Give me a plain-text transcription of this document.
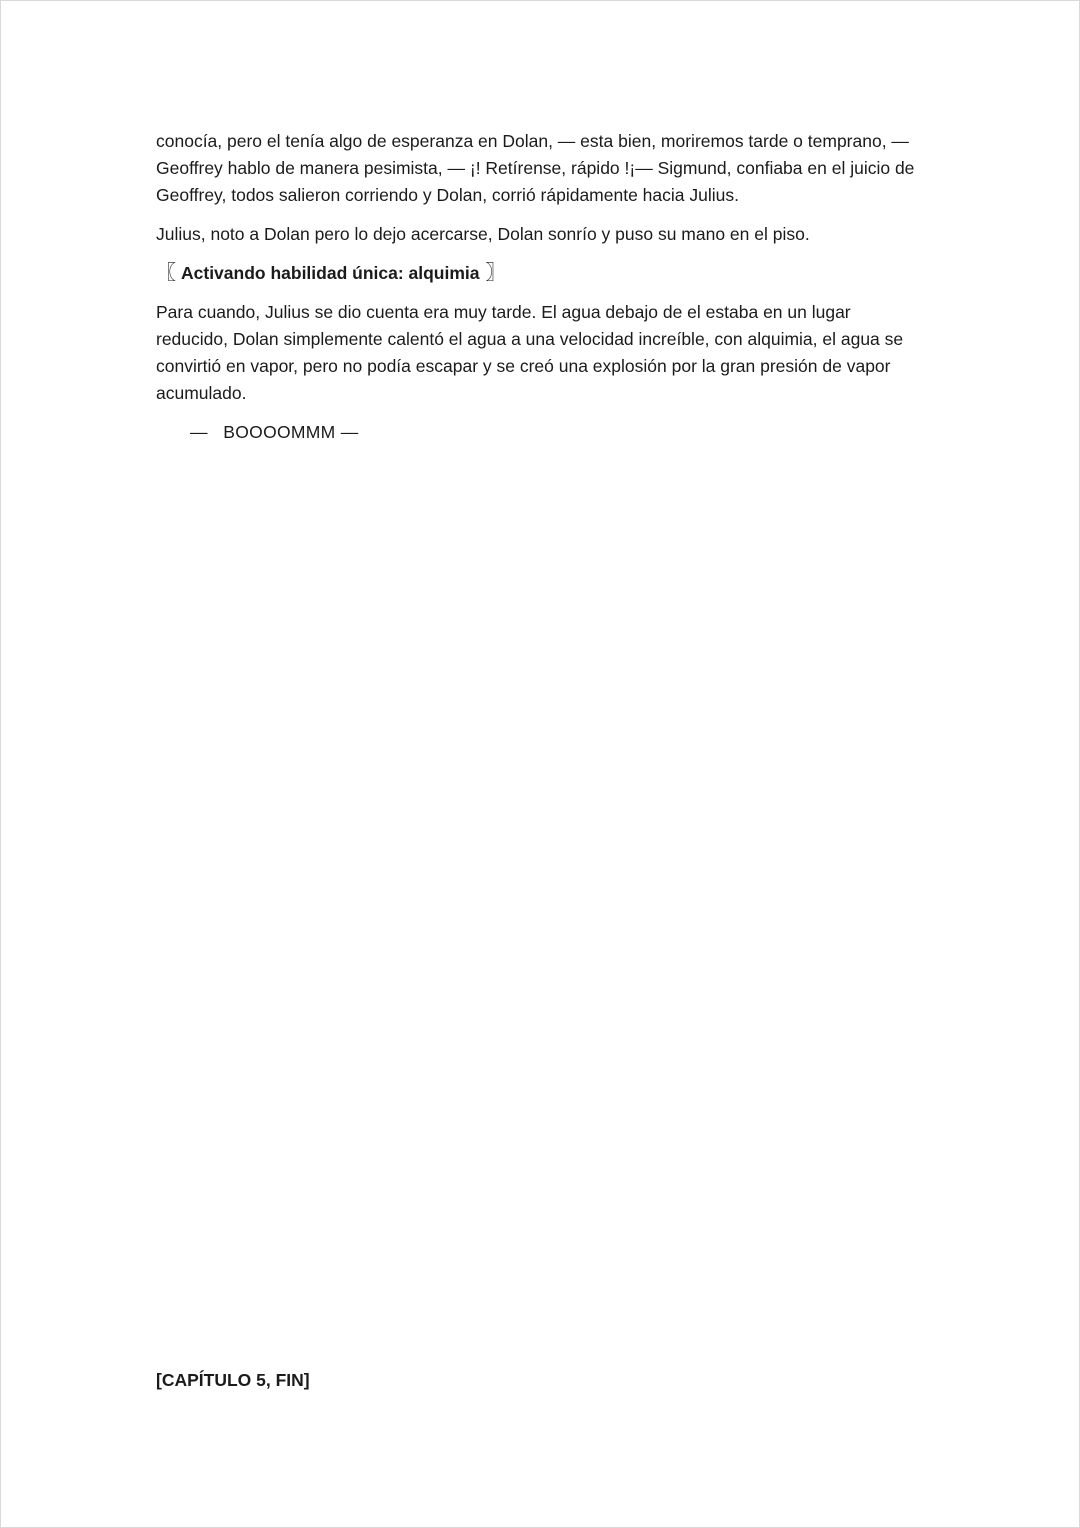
conocía, pero el tenía algo de esperanza en Dolan, — esta bien, moriremos tarde o temprano, — Geoffrey hablo de manera pesimista, — ¡! Retírense, rápido !¡— Sigmund, confiaba en el juicio de Geoffrey, todos salieron corriendo y Dolan, corrió rápidamente hacia Julius.

Julius, noto a Dolan pero lo dejo acercarse, Dolan sonrío y puso su mano en el piso.

〖 Activando habilidad única: alquimia 〗

Para cuando, Julius se dio cuenta era muy tarde. El agua debajo de el estaba en un lugar reducido, Dolan simplemente calentó el agua a una velocidad increíble, con alquimia, el agua se convirtió en vapor, pero no podía escapar y se creó una explosión por la gran presión de vapor acumulado.

—   BOOOOMMM —

[CAPÍTULO 5, FIN]
